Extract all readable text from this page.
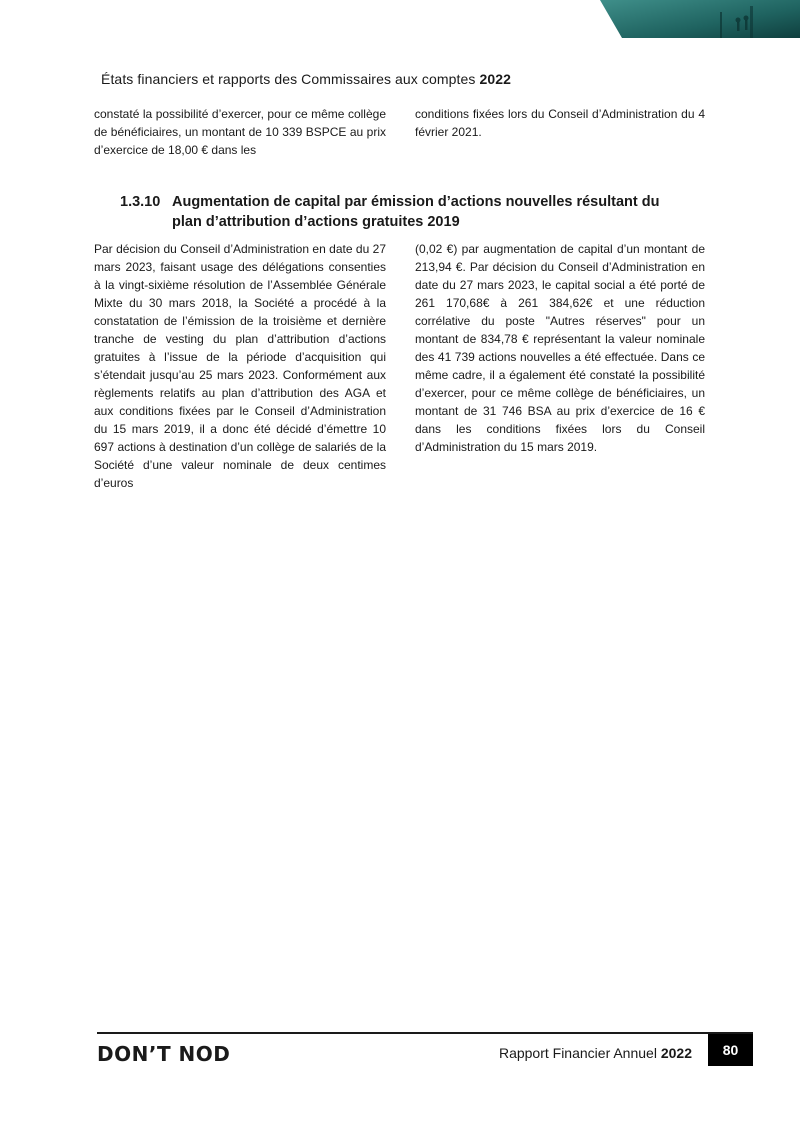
États financiers et rapports des Commissaires aux comptes 2022
constaté la possibilité d’exercer, pour ce même collège de bénéficiaires, un montant de 10 339 BSPCE au prix d’exercice de 18,00 € dans les
conditions fixées lors du Conseil d’Administration du 4 février 2021.
1.3.10 Augmentation de capital par émission d’actions nouvelles résultant du
plan d’attribution d’actions gratuites 2019
Par décision du Conseil d’Administration en date du 27 mars 2023, faisant usage des délégations consenties à la vingt-sixième résolution de l’Assemblée Générale Mixte du 30 mars 2018, la Société a procédé à la constatation de l’émission de la troisième et dernière tranche de vesting du plan d’attribution d’actions gratuites à l’issue de la période d’acquisition qui s’étendait jusqu’au 25 mars 2023. Conformément aux règlements relatifs au plan d’attribution des AGA et aux conditions fixées par le Conseil d’Administration du 15 mars 2019, il a donc été décidé d’émettre 10 697 actions à destination d’un collège de salariés de la Société d’une valeur nominale de deux centimes d’euros
(0,02 €) par augmentation de capital d’un montant de 213,94 €. Par décision du Conseil d’Administration en date du 27 mars 2023, le capital social a été porté de 261 170,68€ à 261 384,62€ et une réduction corrélative du poste "Autres réserves" pour un montant de 834,78 € représentant la valeur nominale des 41 739 actions nouvelles a été effectuée. Dans ce même cadre, il a également été constaté la possibilité d’exercer, pour ce même collège de bénéficiaires, un montant de 31 746 BSA au prix d’exercice de 16 € dans les conditions fixées lors du Conseil d’Administration du 15 mars 2019.
DON’T NOD	Rapport Financier Annuel 2022	80
